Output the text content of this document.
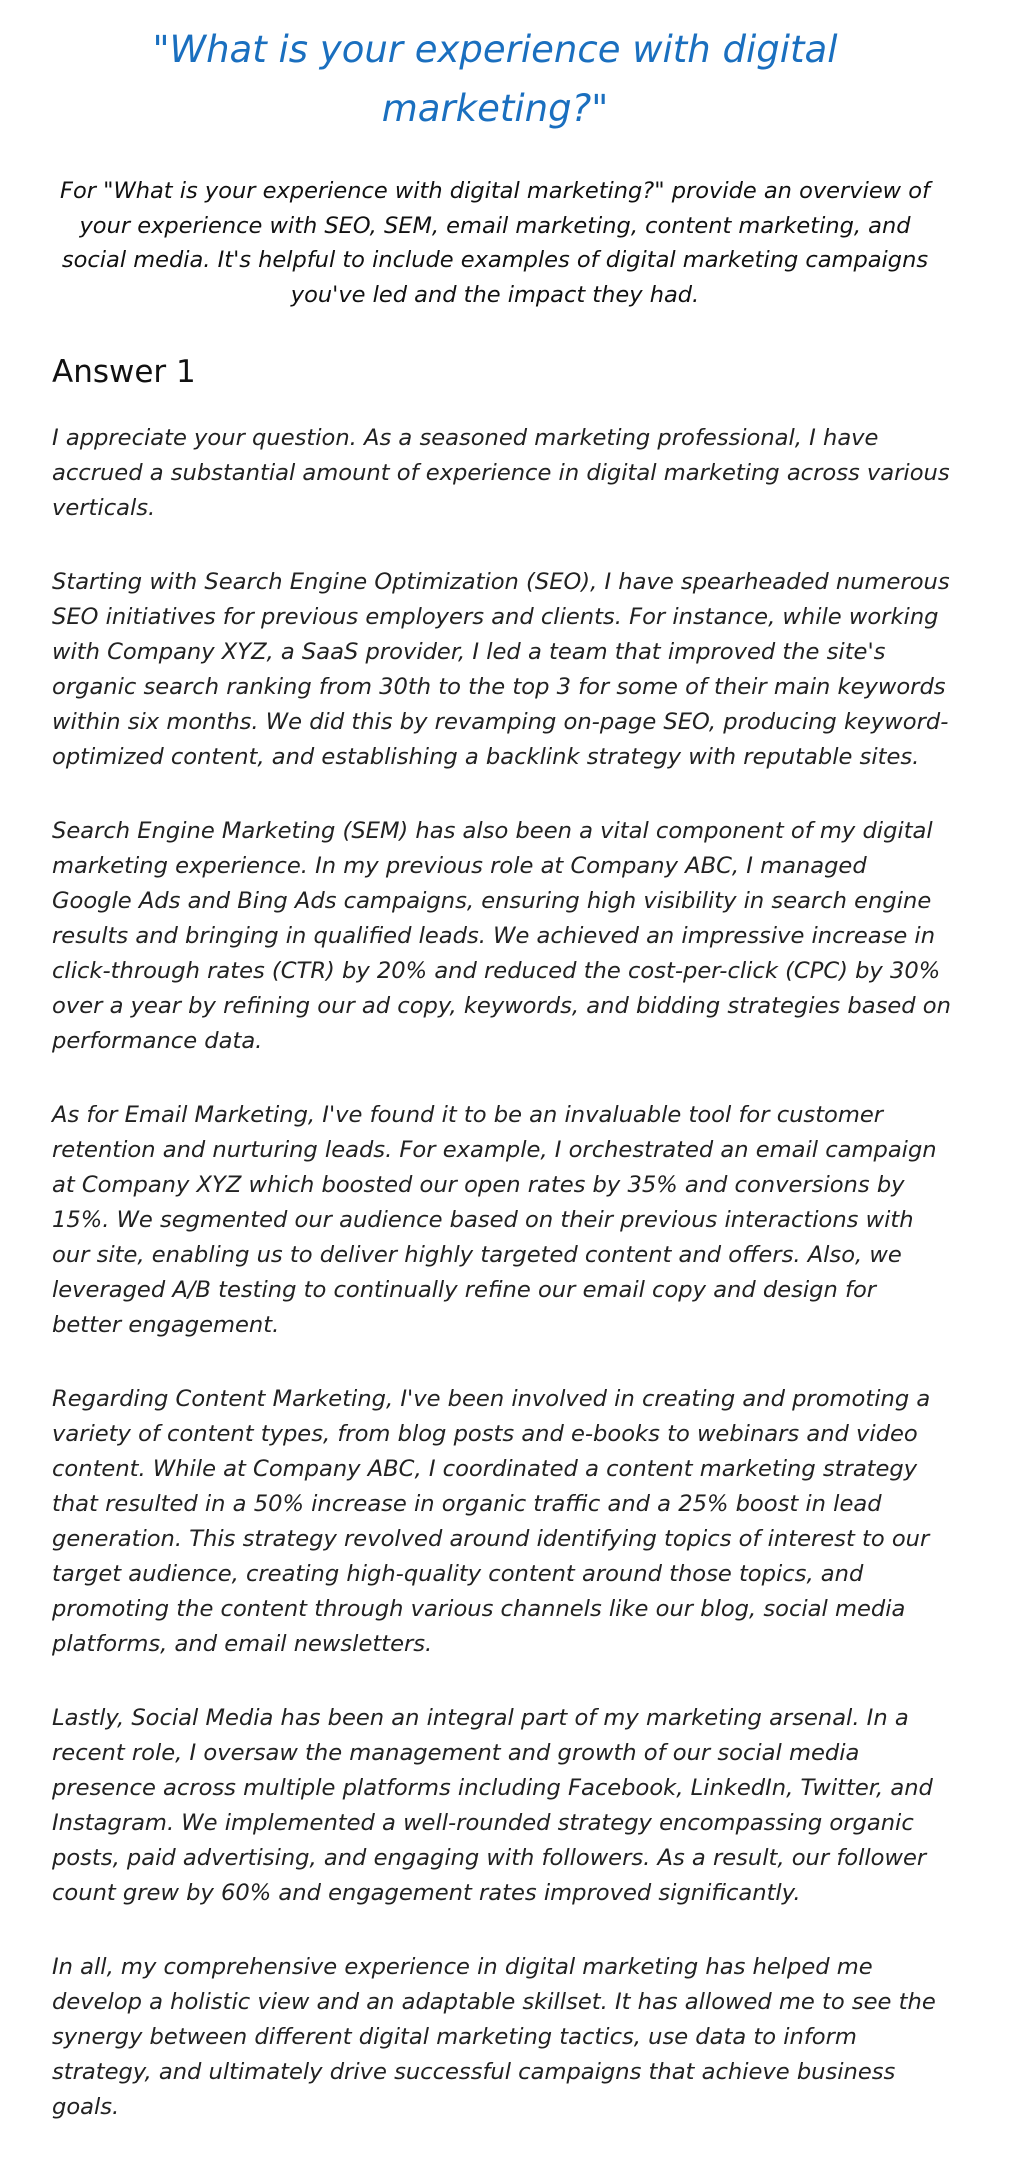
"What is your experience with digital marketing?"

For "What is your experience with digital marketing?" provide an overview of your experience with SEO, SEM, email marketing, content marketing, and social media. It's helpful to include examples of digital marketing campaigns you've led and the impact they had.

Answer 1

I appreciate your question. As a seasoned marketing professional, I have accrued a substantial amount of experience in digital marketing across various verticals.

Starting with Search Engine Optimization (SEO), I have spearheaded numerous SEO initiatives for previous employers and clients. For instance, while working with Company XYZ, a SaaS provider, I led a team that improved the site's organic search ranking from 30th to the top 3 for some of their main keywords within six months. We did this by revamping on-page SEO, producing keyword-optimized content, and establishing a backlink strategy with reputable sites.

Search Engine Marketing (SEM) has also been a vital component of my digital marketing experience. In my previous role at Company ABC, I managed Google Ads and Bing Ads campaigns, ensuring high visibility in search engine results and bringing in qualified leads. We achieved an impressive increase in click-through rates (CTR) by 20% and reduced the cost-per-click (CPC) by 30% over a year by refining our ad copy, keywords, and bidding strategies based on performance data.

As for Email Marketing, I've found it to be an invaluable tool for customer retention and nurturing leads. For example, I orchestrated an email campaign at Company XYZ which boosted our open rates by 35% and conversions by 15%. We segmented our audience based on their previous interactions with our site, enabling us to deliver highly targeted content and offers. Also, we leveraged A/B testing to continually refine our email copy and design for better engagement.

Regarding Content Marketing, I've been involved in creating and promoting a variety of content types, from blog posts and e-books to webinars and video content. While at Company ABC, I coordinated a content marketing strategy that resulted in a 50% increase in organic traffic and a 25% boost in lead generation. This strategy revolved around identifying topics of interest to our target audience, creating high-quality content around those topics, and promoting the content through various channels like our blog, social media platforms, and email newsletters.

Lastly, Social Media has been an integral part of my marketing arsenal. In a recent role, I oversaw the management and growth of our social media presence across multiple platforms including Facebook, LinkedIn, Twitter, and Instagram. We implemented a well-rounded strategy encompassing organic posts, paid advertising, and engaging with followers. As a result, our follower count grew by 60% and engagement rates improved significantly.

In all, my comprehensive experience in digital marketing has helped me develop a holistic view and an adaptable skillset. It has allowed me to see the synergy between different digital marketing tactics, use data to inform strategy, and ultimately drive successful campaigns that achieve business goals.
